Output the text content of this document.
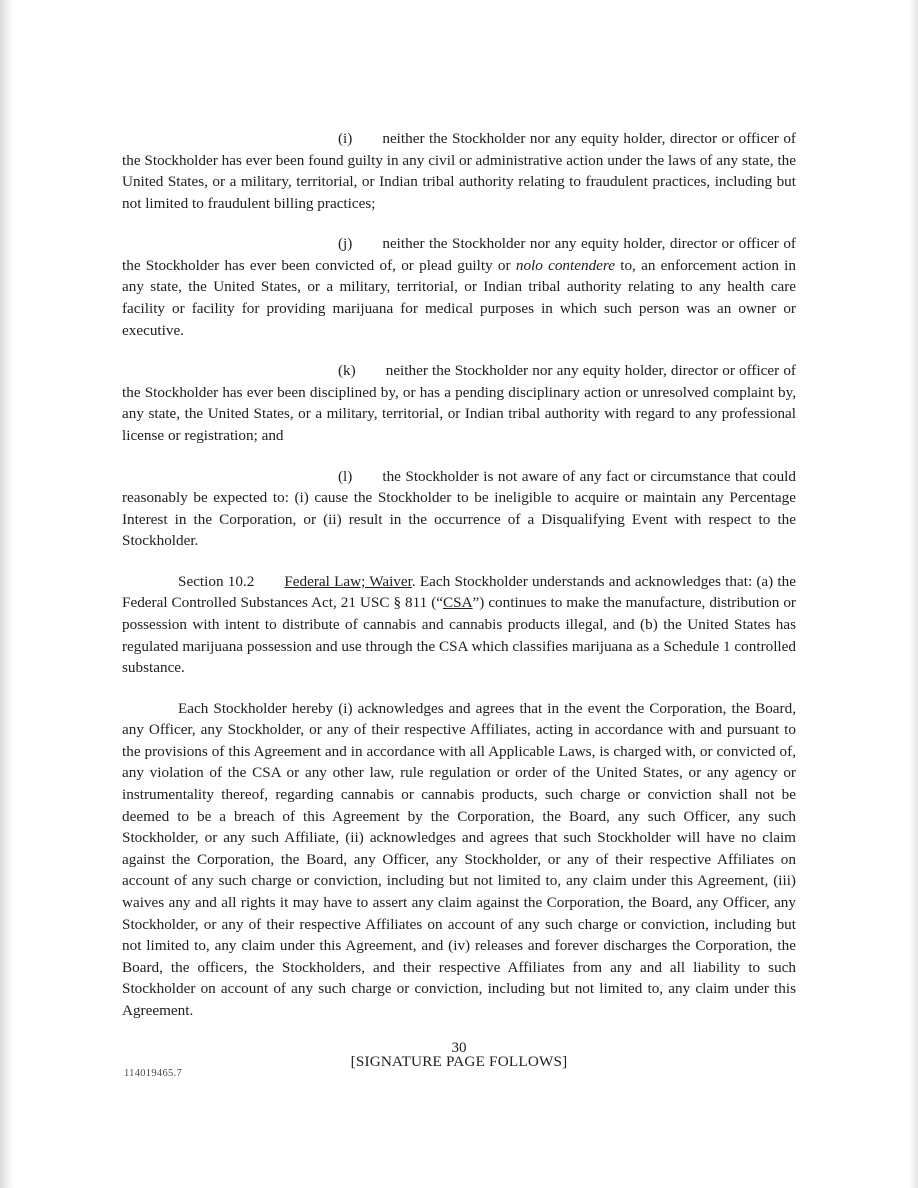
(i) neither the Stockholder nor any equity holder, director or officer of the Stockholder has ever been found guilty in any civil or administrative action under the laws of any state, the United States, or a military, territorial, or Indian tribal authority relating to fraudulent practices, including but not limited to fraudulent billing practices;

(j) neither the Stockholder nor any equity holder, director or officer of the Stockholder has ever been convicted of, or plead guilty or nolo contendere to, an enforcement action in any state, the United States, or a military, territorial, or Indian tribal authority relating to any health care facility or facility for providing marijuana for medical purposes in which such person was an owner or executive.

(k) neither the Stockholder nor any equity holder, director or officer of the Stockholder has ever been disciplined by, or has a pending disciplinary action or unresolved complaint by, any state, the United States, or a military, territorial, or Indian tribal authority with regard to any professional license or registration; and

(l) the Stockholder is not aware of any fact or circumstance that could reasonably be expected to: (i) cause the Stockholder to be ineligible to acquire or maintain any Percentage Interest in the Corporation, or (ii) result in the occurrence of a Disqualifying Event with respect to the Stockholder.

Section 10.2 Federal Law; Waiver. Each Stockholder understands and acknowledges that: (a) the Federal Controlled Substances Act, 21 USC § 811 (“CSA”) continues to make the manufacture, distribution or possession with intent to distribute of cannabis and cannabis products illegal, and (b) the United States has regulated marijuana possession and use through the CSA which classifies marijuana as a Schedule 1 controlled substance.

Each Stockholder hereby (i) acknowledges and agrees that in the event the Corporation, the Board, any Officer, any Stockholder, or any of their respective Affiliates, acting in accordance with and pursuant to the provisions of this Agreement and in accordance with all Applicable Laws, is charged with, or convicted of, any violation of the CSA or any other law, rule regulation or order of the United States, or any agency or instrumentality thereof, regarding cannabis or cannabis products, such charge or conviction shall not be deemed to be a breach of this Agreement by the Corporation, the Board, any such Officer, any such Stockholder, or any such Affiliate, (ii) acknowledges and agrees that such Stockholder will have no claim against the Corporation, the Board, any Officer, any Stockholder, or any of their respective Affiliates on account of any such charge or conviction, including but not limited to, any claim under this Agreement, (iii) waives any and all rights it may have to assert any claim against the Corporation, the Board, any Officer, any Stockholder, or any of their respective Affiliates on account of any such charge or conviction, including but not limited to, any claim under this Agreement, and (iv) releases and forever discharges the Corporation, the Board, the officers, the Stockholders, and their respective Affiliates from any and all liability to such Stockholder on account of any such charge or conviction, including but not limited to, any claim under this Agreement.

[SIGNATURE PAGE FOLLOWS]

30
114019465.7
